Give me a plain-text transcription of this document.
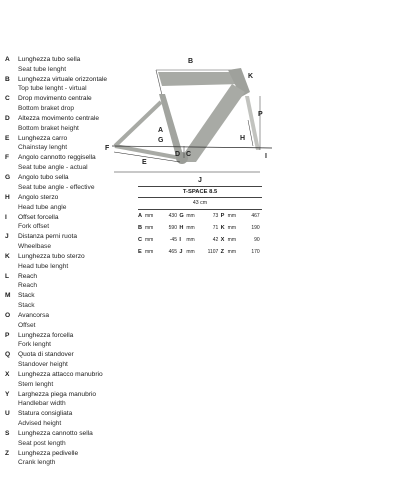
A Lunghezza tubo sella
Seat tube lenght
B Lunghezza virtuale orizzontale
Top tube lenght - virtual
C Drop movimento centrale
Bottom braket drop
D Altezza movimento centrale
Bottom braket height
E Lunghezza carro
Chainstay lenght
F Angolo cannotto reggisella
Seat tube angle - actual
G Angolo tubo sella
Seat tube angle - effective
H Angolo sterzo
Head tube angle
I Offset forcella
Fork offset
J Distanza perni ruota
Wheelbase
K Lunghezza tubo sterzo
Head tube lenght
L Reach
Reach
M Stack
Stack
O Avancorsa
Offset
P Lunghezza forcella
Fork lenght
Q Quota di standover
Standover height
X Lunghezza attacco manubrio
Stem lenght
Y Larghezza piega manubrio
Handlebar width
U Statura consigliata
Advised height
S Lunghezza cannotto sella
Seat post length
Z Lunghezza pedivelle
Crank length
B
K
P
A
G	H
F
D C
E
J
I
T-SPACE 8.5
43 cm
A mm	430 G mm	73 P mm	467
B mm	590 H mm	71 K mm	190
C mm	-45 I	mm	42 X mm	90
E mm	465 J mm	1107 Z mm	170
